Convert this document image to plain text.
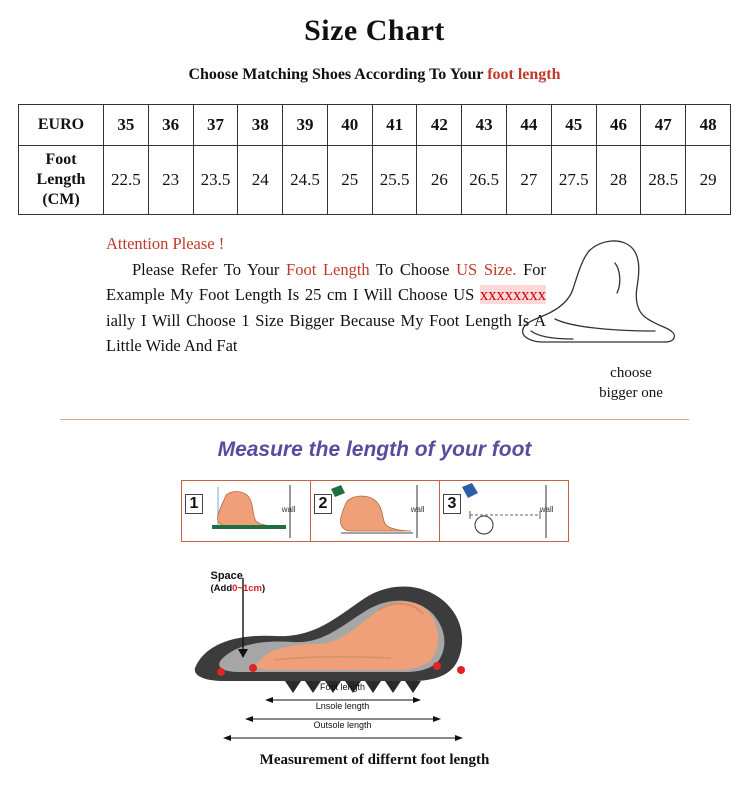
Size Chart
Choose Matching Shoes According To Your foot length
EURO	35	36	37	38	39	40	41	42	43	44	45	46	47	48

Foot
Length
(CM)	22.5	23	23.5	24	24.5	25	25.5	26	26.5	27	27.5	28	28.5	29
Attention Please !
Please Refer To Your Foot Length To Choose US Size. For Example My Foot Length Is 25 cm I Will Choose US xxxxxxxx ially I Will Choose 1 Size Bigger Because My Foot Length Is A Little Wide And Fat
choose
bigger one
Measure the length of your foot
1	wall	2	wall	3	wall
Space
(Add0~1cm)
Foot length
Lnsole length
Outsole length
Measurement of differnt foot length
